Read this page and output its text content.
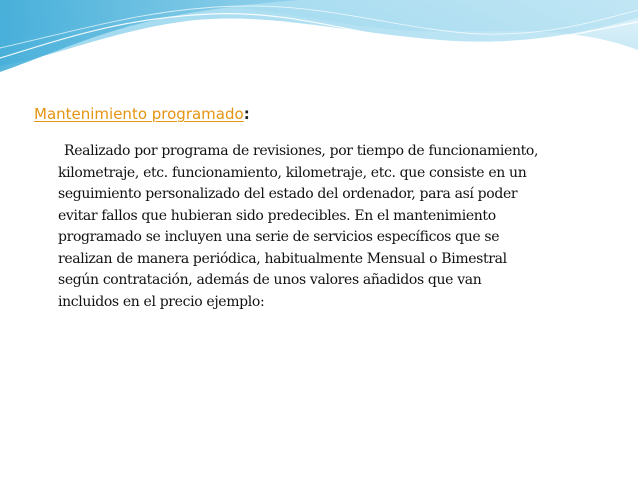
Mantenimiento programado:
Realizado por programa de revisiones, por tiempo de funcionamiento,
kilometraje, etc. funcionamiento, kilometraje, etc. que consiste en un
seguimiento personalizado del estado del ordenador, para así poder
evitar fallos que hubieran sido predecibles. En el mantenimiento
programado se incluyen una serie de servicios específicos que se
realizan de manera periódica, habitualmente Mensual o Bimestral
según contratación, además de unos valores añadidos que van
incluidos en el precio ejemplo:
